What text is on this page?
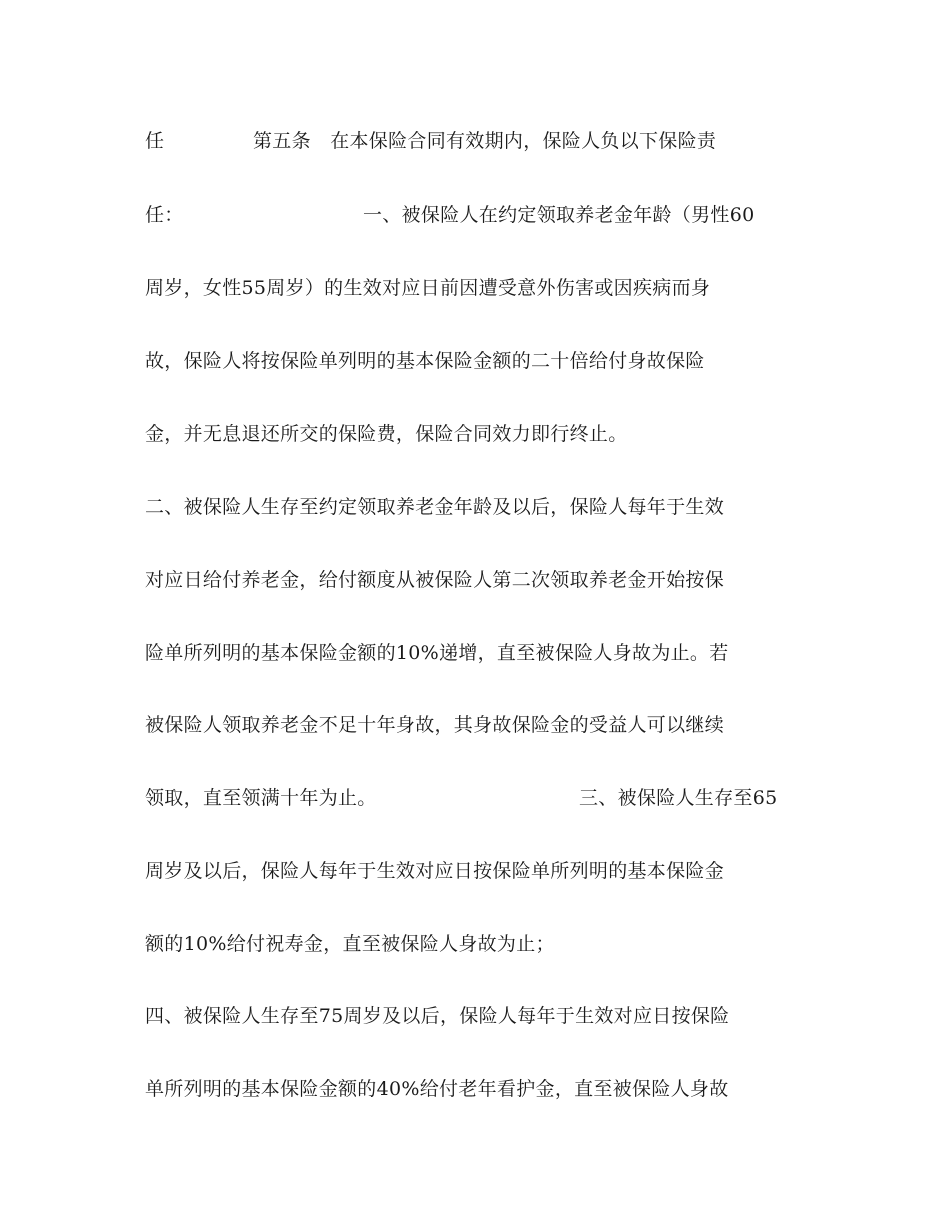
任	第五条　在本保险合同有效期内，保险人负以下保险责
任：	一、被保险人在约定领取养老金年龄（男性60
周岁，女性55周岁）的生效对应日前因遭受意外伤害或因疾病而身
故，保险人将按保险单列明的基本保险金额的二十倍给付身故保险
金，并无息退还所交的保险费，保险合同效力即行终止。
二、被保险人生存至约定领取养老金年龄及以后，保险人每年于生效
对应日给付养老金，给付额度从被保险人第二次领取养老金开始按保
险单所列明的基本保险金额的10%递增，直至被保险人身故为止。若
被保险人领取养老金不足十年身故，其身故保险金的受益人可以继续
领取，直至领满十年为止。	三、被保险人生存至65
周岁及以后，保险人每年于生效对应日按保险单所列明的基本保险金
额的10%给付祝寿金，直至被保险人身故为止；
四、被保险人生存至75周岁及以后，保险人每年于生效对应日按保险
单所列明的基本保险金额的40%给付老年看护金，直至被保险人身故
